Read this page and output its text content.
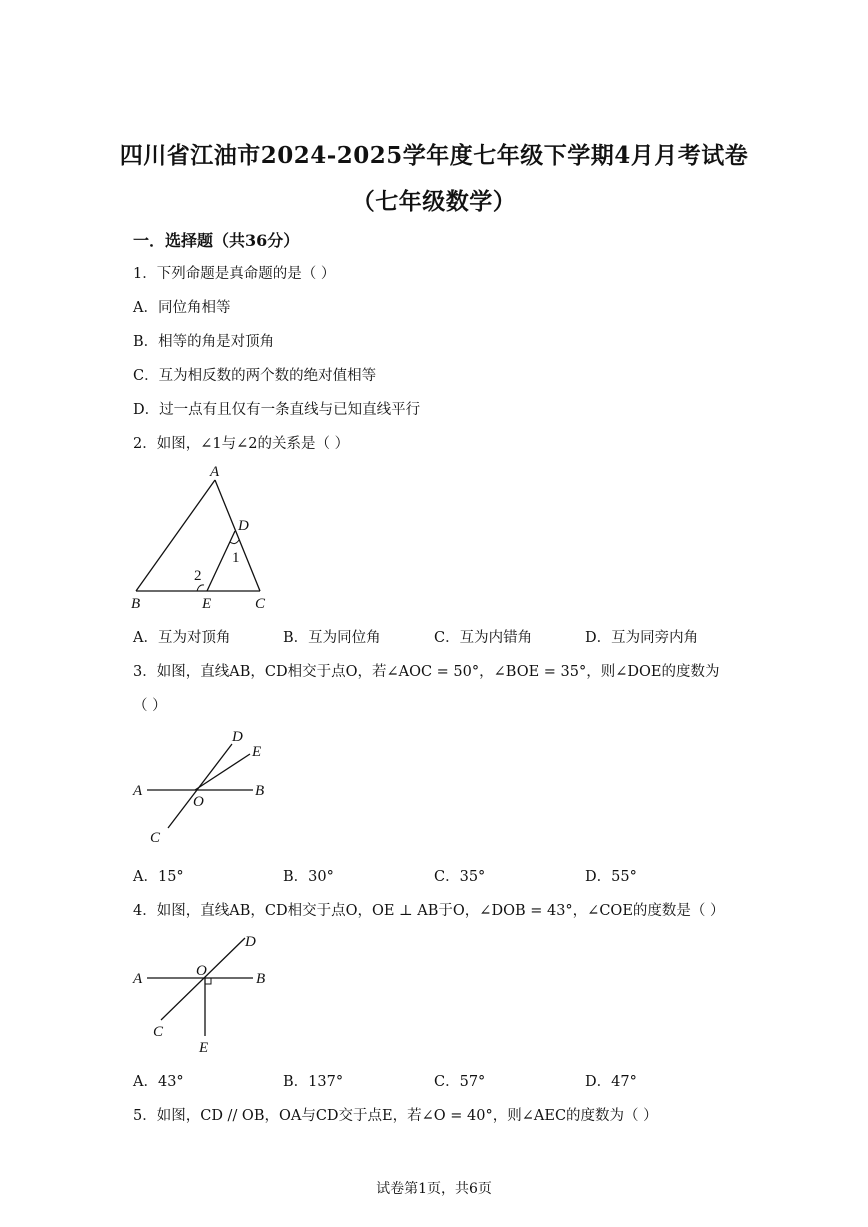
四川省江油市2024-2025学年度七年级下学期4月月考试卷
（七年级数学）
一．选择题（共36分）
1．下列命题是真命题的是（ ）
A．同位角相等
B．相等的角是对顶角
C．互为相反数的两个数的绝对值相等
D．过一点有且仅有一条直线与已知直线平行
2．如图，∠1与∠2的关系是（ ）
A
D
1
2
B	E	C
A．互为对顶角	B．互为同位角	C．互为内错角	D．互为同旁内角
3．如图，直线AB，CD相交于点O，若∠AOC = 50°，∠BOE = 35°，则∠DOE的度数为
（ ）
D
E
A
O
B
C
A．15°	B．30°	C．35°	D．55°
4．如图，直线AB，CD相交于点O，OE ⊥ AB于O，∠DOB = 43°，∠COE的度数是（ ）
D
A	O	B
C
E
A．43°	B．137°	C．57°	D．47°
5．如图，CD // OB，OA与CD交于点E，若∠O = 40°，则∠AEC的度数为（ ）
试卷第1页，共6页
